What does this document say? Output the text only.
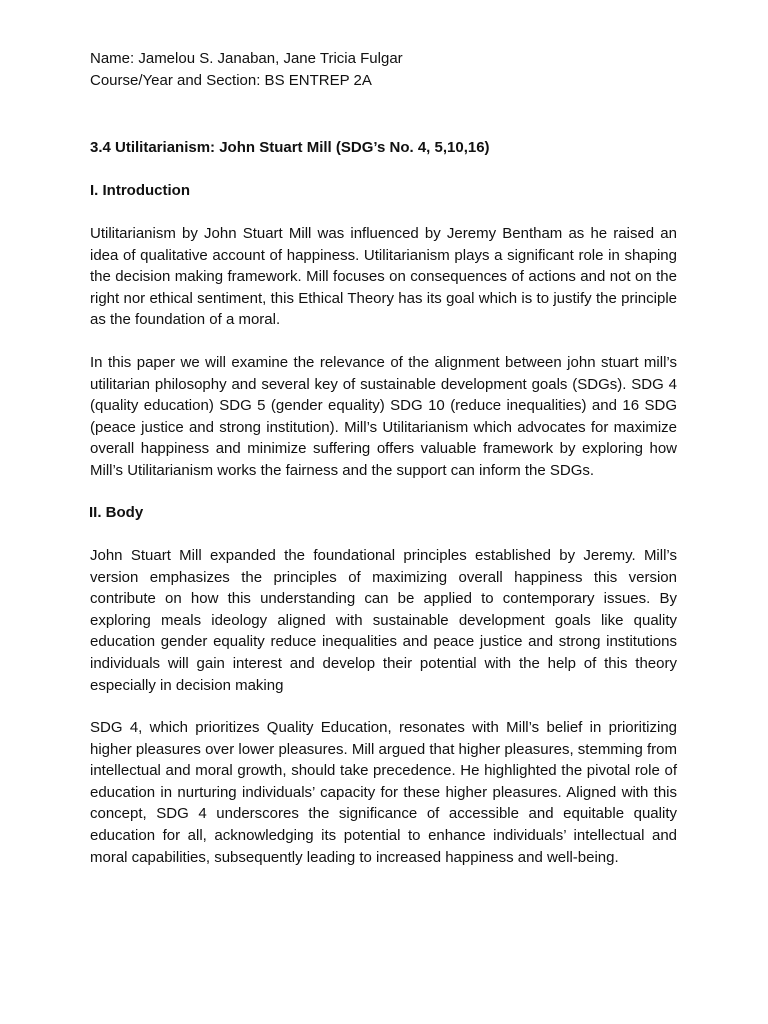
Name: Jamelou S. Janaban, Jane Tricia Fulgar
Course/Year and Section: BS ENTREP 2A
3.4 Utilitarianism: John Stuart Mill (SDG’s No. 4, 5,10,16)
I. Introduction
Utilitarianism by John Stuart Mill was influenced by Jeremy Bentham as he raised an idea of qualitative account of happiness. Utilitarianism plays a significant role in shaping the decision making framework. Mill focuses on consequences of actions and not on the right nor ethical sentiment, this Ethical Theory has its goal which is to justify the principle as the foundation of a moral.
In this paper we will examine the relevance of the alignment between john stuart mill’s utilitarian philosophy and several key of sustainable development goals (SDGs). SDG 4 (quality education) SDG 5 (gender equality) SDG 10 (reduce inequalities) and 16 SDG (peace justice and strong institution). Mill’s Utilitarianism which advocates for maximize overall happiness and minimize suffering offers valuable framework by exploring how Mill’s Utilitarianism works the fairness and the support can inform the SDGs.
II. Body
John Stuart Mill expanded the foundational principles established by Jeremy. Mill’s version emphasizes the principles of maximizing overall happiness this version contribute on how this understanding can be applied to contemporary issues. By exploring meals ideology aligned with sustainable development goals like quality education gender equality reduce inequalities and peace justice and strong institutions individuals will gain interest and develop their potential with the help of this theory especially in decision making
SDG 4, which prioritizes Quality Education, resonates with Mill’s belief in prioritizing higher pleasures over lower pleasures. Mill argued that higher pleasures, stemming from intellectual and moral growth, should take precedence. He highlighted the pivotal role of education in nurturing individuals’ capacity for these higher pleasures. Aligned with this concept, SDG 4 underscores the significance of accessible and equitable quality education for all, acknowledging its potential to enhance individuals’ intellectual and moral capabilities, subsequently leading to increased happiness and well-being.
